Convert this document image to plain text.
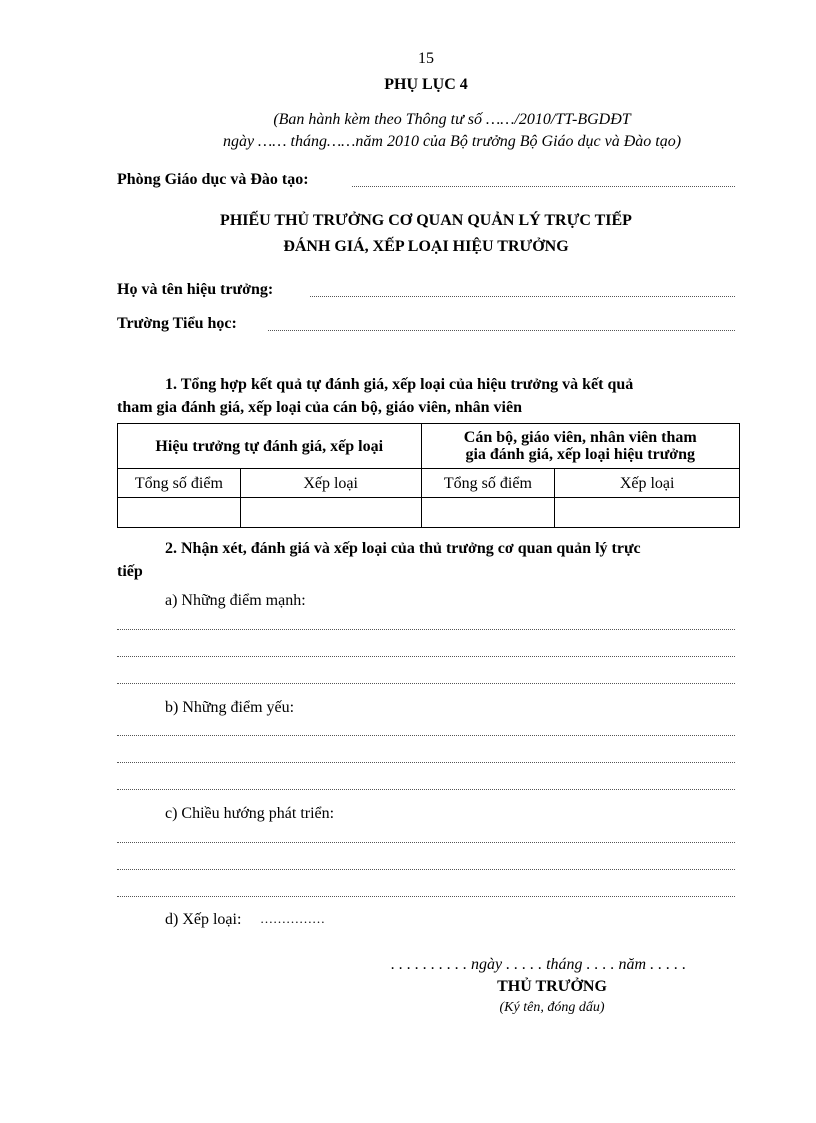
15
PHỤ LỤC 4
(Ban hành kèm theo Thông tư số ……/2010/TT-BGDĐT
ngày …… tháng……năm 2010 của Bộ trưởng Bộ Giáo dục và Đào tạo)
Phòng Giáo dục và Đào tạo:
PHIẾU THỦ TRƯỞNG CƠ QUAN QUẢN LÝ TRỰC TIẾP
ĐÁNH GIÁ, XẾP LOẠI HIỆU TRƯỞNG
Họ và tên hiệu trưởng:
Trường Tiểu học:
1. Tổng hợp kết quả tự đánh giá, xếp loại của hiệu trưởng và kết quả
tham gia đánh giá, xếp loại của cán bộ, giáo viên, nhân viên
Hiệu trưởng tự đánh giá, xếp loại		Cán bộ, giáo viên, nhân viên tham
gia đánh giá, xếp loại hiệu trưởng	
Tổng số điểm	Xếp loại	Tổng số điểm	Xếp loại

2. Nhận xét, đánh giá và xếp loại của thủ trưởng cơ quan quản lý trực
tiếp
a) Những điểm mạnh:
b) Những điểm yếu:
c) Chiều hướng phát triển:
d) Xếp loại: ……………
. . . . . . . . . . ngày . . . . . tháng . . . . năm . . . . .
THỦ TRƯỞNG
(Ký tên, đóng dấu)
